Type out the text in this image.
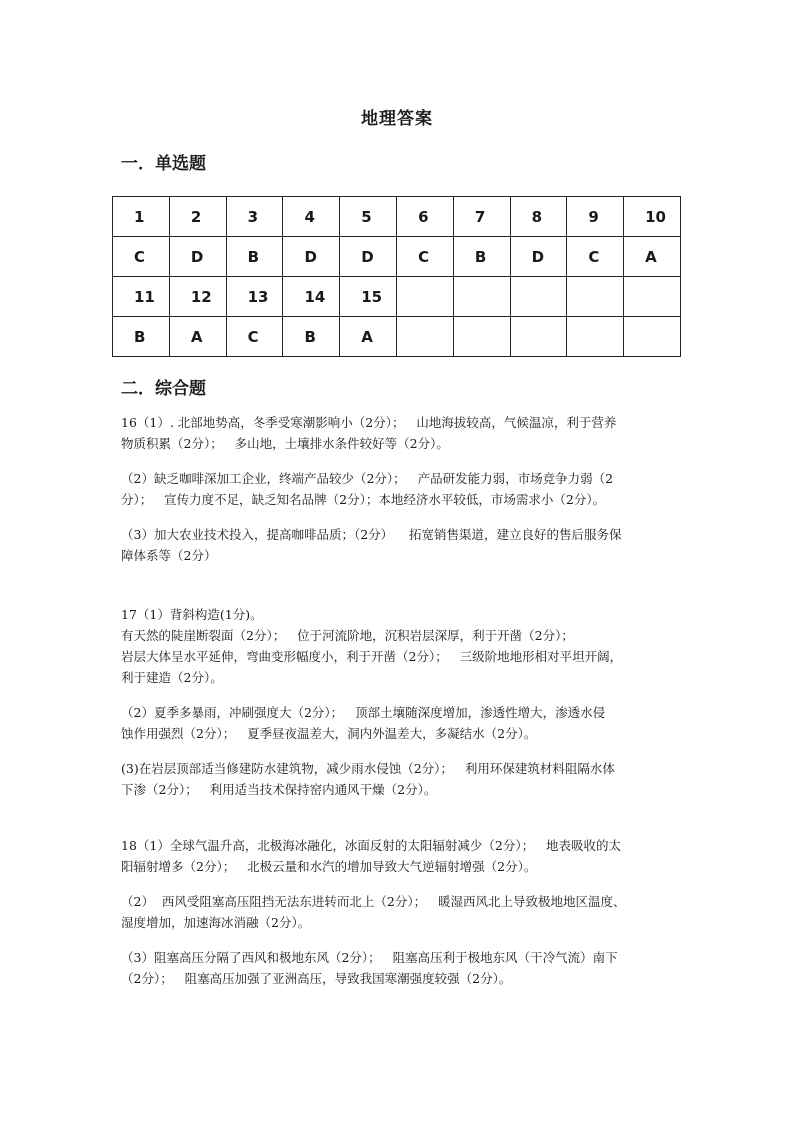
地理答案
一．单选题
1	2	3	4	5	6	7	8	9	10
C	D	B	D	D	C	B	D	C	A
11	12	13	14	15					
B	A	C	B	A					
二．综合题

16（1）. 北部地势高，冬季受寒潮影响小（2分）；   山地海拔较高，气候温凉，利于营养

物质积累（2分）；   多山地，土壤排水条件较好等（2分）。

（2）缺乏咖啡深加工企业，终端产品较少（2分）；   产品研发能力弱，市场竞争力弱（2

分）；   宣传力度不足，缺乏知名品牌（2分）；本地经济水平较低，市场需求小（2分）。

（3）加大农业技术投入，提高咖啡品质；（2分）    拓宽销售渠道，建立良好的售后服务保

障体系等（2分）

17（1）背斜构造(1分)。

有天然的陡崖断裂面（2分）；   位于河流阶地，沉积岩层深厚，利于开凿（2分）；

岩层大体呈水平延伸，弯曲变形幅度小，利于开凿（2分）；   三级阶地地形相对平坦开阔，

利于建造（2分）。

（2）夏季多暴雨，冲刷强度大（2分）；   顶部土壤随深度增加，渗透性增大，渗透水侵

蚀作用强烈（2分）；   夏季昼夜温差大，洞内外温差大，多凝结水（2分）。

(3)在岩层顶部适当修建防水建筑物，减少雨水侵蚀（2分）；   利用环保建筑材料阻隔水体

下渗（2分）；   利用适当技术保持窑内通风干燥（2分）。

18（1）全球气温升高，北极海冰融化，冰面反射的太阳辐射减少（2分）；   地表吸收的太

阳辐射增多（2分）；   北极云量和水汽的增加导致大气逆辐射增强（2分）。

（2）  西风受阻塞高压阻挡无法东进转而北上（2分）；   暖湿西风北上导致极地地区温度、

湿度增加，加速海冰消融（2分）。

（3）阻塞高压分隔了西风和极地东风（2分）；   阻塞高压利于极地东风（干冷气流）南下

（2分）；   阻塞高压加强了亚洲高压，导致我国寒潮强度较强（2分）。
